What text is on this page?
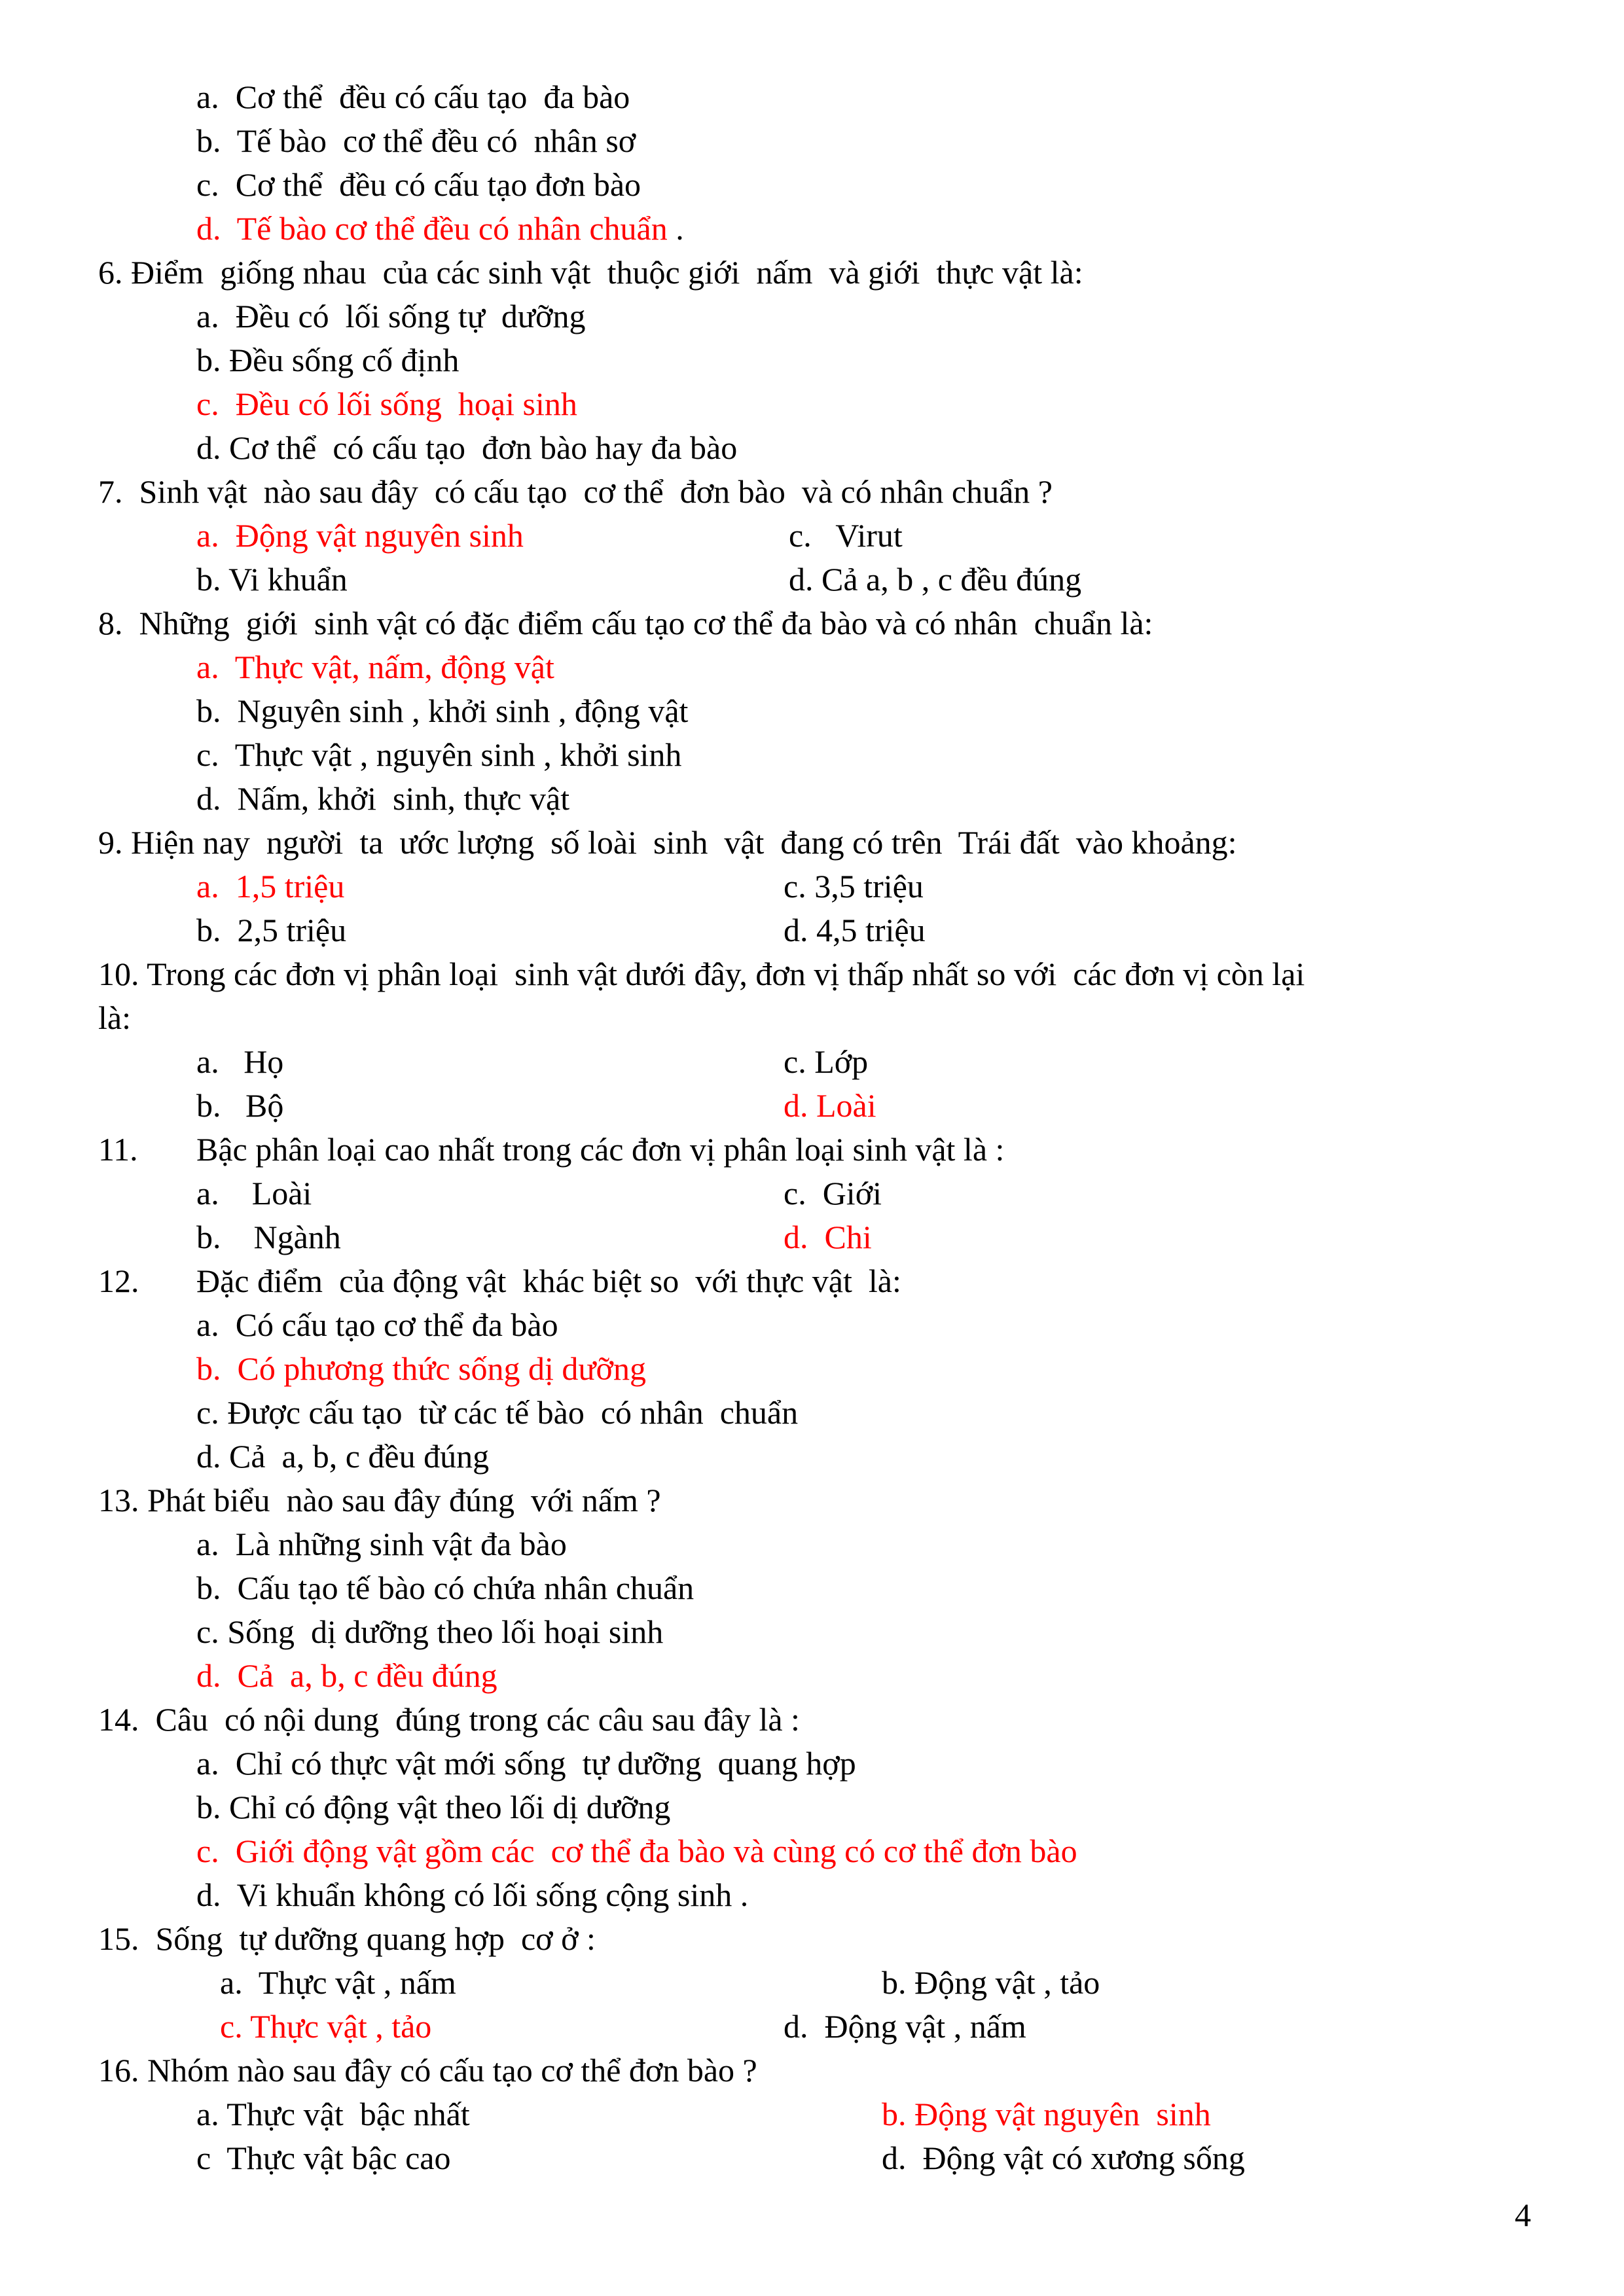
a.  Cơ thể  đều có cấu tạo  đa bào
b.  Tế bào  cơ thể đều có  nhân sơ
c.  Cơ thể  đều có cấu tạo đơn bào
d.  Tế bào cơ thể đều có nhân chuẩn .
6. Điểm  giống nhau  của các sinh vật  thuộc giới  nấm  và giới  thực vật là:
a.  Đều có  lối sống tự  dưỡng
b. Đều sống cố định
c.  Đều có lối sống  hoại sinh
d. Cơ thể  có cấu tạo  đơn bào hay đa bào
7.  Sinh vật  nào sau đây  có cấu tạo  cơ thể  đơn bào  và có nhân chuẩn ?
a.  Động vật nguyên sinh	c.   Virut
b. Vi khuẩn	d. Cả a, b , c đều đúng
8.  Những  giới  sinh vật có đặc điểm cấu tạo cơ thể đa bào và có nhân  chuẩn là:
a.  Thực vật, nấm, động vật
b.  Nguyên sinh , khởi sinh , động vật
c.  Thực vật , nguyên sinh , khởi sinh
d.  Nấm, khởi  sinh, thực vật
9. Hiện nay  người  ta  ước lượng  số loài  sinh  vật  đang có trên  Trái đất  vào khoảng:
a.  1,5 triệu	c. 3,5 triệu
b.  2,5 triệu	d. 4,5 triệu
10. Trong các đơn vị phân loại  sinh vật dưới đây, đơn vị thấp nhất so với  các đơn vị còn lại
là:
a.   Họ	c. Lớp
b.   Bộ	d. Loài
11. Bậc phân loại cao nhất trong các đơn vị phân loại sinh vật là :
a.    Loài	c.  Giới
b.    Ngành	d.  Chi
12. Đặc điểm  của động vật  khác biệt so  với thực vật  là:
a.  Có cấu tạo cơ thể đa bào
b.  Có phương thức sống dị dưỡng
c. Được cấu tạo  từ các tế bào  có nhân  chuẩn
d. Cả  a, b, c đều đúng
13. Phát biểu  nào sau đây đúng  với nấm ?
a.  Là những sinh vật đa bào
b.  Cấu tạo tế bào có chứa nhân chuẩn
c. Sống  dị dưỡng theo lối hoại sinh
d.  Cả  a, b, c đều đúng
14.  Câu  có nội dung  đúng trong các câu sau đây là :
a.  Chỉ có thực vật mới sống  tự dưỡng  quang hợp
b. Chỉ có động vật theo lối dị dưỡng
c.  Giới động vật gồm các  cơ thể đa bào và cùng có cơ thể đơn bào
d.  Vi khuẩn không có lối sống cộng sinh .
15.  Sống  tự dưỡng quang hợp  cơ ở :
a.  Thực vật , nấm	b. Động vật , tảo
c. Thực vật , tảo	d.  Động vật , nấm
16. Nhóm nào sau đây có cấu tạo cơ thể đơn bào ?
a. Thực vật  bậc nhất	b. Động vật nguyên  sinh
c  Thực vật bậc cao	d.  Động vật có xương sống
4
